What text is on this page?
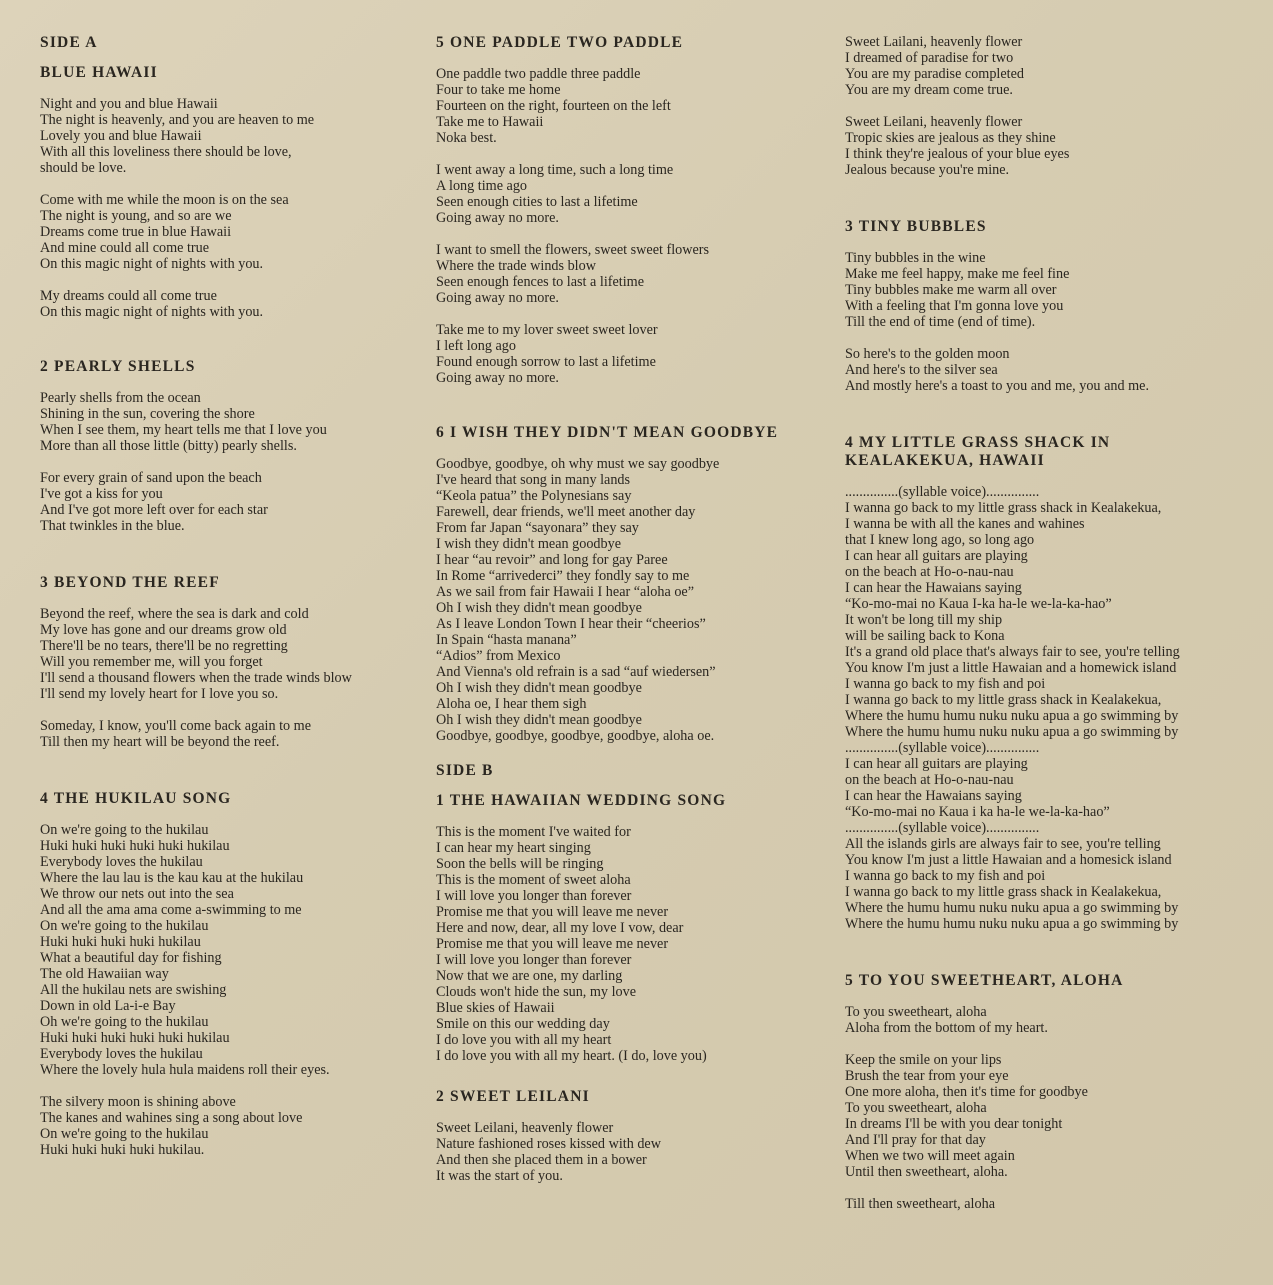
SIDE A
BLUE HAWAII
Night and you and blue Hawaii
The night is heavenly, and you are heaven to me
Lovely you and blue Hawaii
With all this loveliness there should be love,
should be love.
Come with me while the moon is on the sea
The night is young, and so are we
Dreams come true in blue Hawaii
And mine could all come true
On this magic night of nights with you.
My dreams could all come true
On this magic night of nights with you.
2 PEARLY SHELLS
Pearly shells from the ocean
Shining in the sun, covering the shore
When I see them, my heart tells me that I love you
More than all those little (bitty) pearly shells.
For every grain of sand upon the beach
I've got a kiss for you
And I've got more left over for each star
That twinkles in the blue.
3 BEYOND THE REEF
Beyond the reef, where the sea is dark and cold
My love has gone and our dreams grow old
There'll be no tears, there'll be no regretting
Will you remember me, will you forget
I'll send a thousand flowers when the trade winds blow
I'll send my lovely heart for I love you so.
Someday, I know, you'll come back again to me
Till then my heart will be beyond the reef.
4 THE HUKILAU SONG
On we're going to the hukilau
Huki huki huki huki huki hukilau
Everybody loves the hukilau
Where the lau lau is the kau kau at the hukilau
We throw our nets out into the sea
And all the ama ama come a-swimming to me
On we're going to the hukilau
Huki huki huki huki hukilau
What a beautiful day for fishing
The old Hawaiian way
All the hukilau nets are swishing
Down in old La-i-e Bay
Oh we're going to the hukilau
Huki huki huki huki huki hukilau
Everybody loves the hukilau
Where the lovely hula hula maidens roll their eyes.
The silvery moon is shining above
The kanes and wahines sing a song about love
On we're going to the hukilau
Huki huki huki huki hukilau.
5 ONE PADDLE TWO PADDLE
One paddle two paddle three paddle
Four to take me home
Fourteen on the right, fourteen on the left
Take me to Hawaii
Noka best.
I went away a long time, such a long time
A long time ago
Seen enough cities to last a lifetime
Going away no more.
I want to smell the flowers, sweet sweet flowers
Where the trade winds blow
Seen enough fences to last a lifetime
Going away no more.
Take me to my lover sweet sweet lover
I left long ago
Found enough sorrow to last a lifetime
Going away no more.
6 I WISH THEY DIDN'T MEAN GOODBYE
Goodbye, goodbye, oh why must we say goodbye
I've heard that song in many lands
“Keola patua” the Polynesians say
Farewell, dear friends, we'll meet another day
From far Japan “sayonara” they say
I wish they didn't mean goodbye
I hear “au revoir” and long for gay Paree
In Rome “arrivederci” they fondly say to me
As we sail from fair Hawaii I hear “aloha oe”
Oh I wish they didn't mean goodbye
As I leave London Town I hear their “cheerios”
In Spain “hasta manana”
“Adios” from Mexico
And Vienna's old refrain is a sad “auf wiedersen”
Oh I wish they didn't mean goodbye
Aloha oe, I hear them sigh
Oh I wish they didn't mean goodbye
Goodbye, goodbye, goodbye, goodbye, aloha oe.
SIDE B
1 THE HAWAIIAN WEDDING SONG
This is the moment I've waited for
I can hear my heart singing
Soon the bells will be ringing
This is the moment of sweet aloha
I will love you longer than forever
Promise me that you will leave me never
Here and now, dear, all my love I vow, dear
Promise me that you will leave me never
I will love you longer than forever
Now that we are one, my darling
Clouds won't hide the sun, my love
Blue skies of Hawaii
Smile on this our wedding day
I do love you with all my heart
I do love you with all my heart. (I do, love you)
2 SWEET LEILANI
Sweet Leilani, heavenly flower
Nature fashioned roses kissed with dew
And then she placed them in a bower
It was the start of you.
Sweet Lailani, heavenly flower
I dreamed of paradise for two
You are my paradise completed
You are my dream come true.
Sweet Leilani, heavenly flower
Tropic skies are jealous as they shine
I think they're jealous of your blue eyes
Jealous because you're mine.
3 TINY BUBBLES
Tiny bubbles in the wine
Make me feel happy, make me feel fine
Tiny bubbles make me warm all over
With a feeling that I'm gonna love you
Till the end of time (end of time).
So here's to the golden moon
And here's to the silver sea
And mostly here's a toast to you and me, you and me.
4 MY LITTLE GRASS SHACK IN
KEALAKEKUA, HAWAII
...............(syllable voice)...............
I wanna go back to my little grass shack in Kealakekua,
I wanna be with all the kanes and wahines
that I knew long ago, so long ago
I can hear all guitars are playing
on the beach at Ho-o-nau-nau
I can hear the Hawaians saying
“Ko-mo-mai no Kaua I-ka ha-le we-la-ka-hao”
It won't be long till my ship
will be sailing back to Kona
It's a grand old place that's always fair to see, you're telling
You know I'm just a little Hawaian and a homewick island
I wanna go back to my fish and poi
I wanna go back to my little grass shack in Kealakekua,
Where the humu humu nuku nuku apua a go swimming by
Where the humu humu nuku nuku apua a go swimming by
...............(syllable voice)...............
I can hear all guitars are playing
on the beach at Ho-o-nau-nau
I can hear the Hawaians saying
“Ko-mo-mai no Kaua i ka ha-le we-la-ka-hao”
...............(syllable voice)...............
All the islands girls are always fair to see, you're telling
You know I'm just a little Hawaian and a homesick island
I wanna go back to my fish and poi
I wanna go back to my little grass shack in Kealakekua,
Where the humu humu nuku nuku apua a go swimming by
Where the humu humu nuku nuku apua a go swimming by
5 TO YOU SWEETHEART, ALOHA
To you sweetheart, aloha
Aloha from the bottom of my heart.
Keep the smile on your lips
Brush the tear from your eye
One more aloha, then it's time for goodbye
To you sweetheart, aloha
In dreams I'll be with you dear tonight
And I'll pray for that day
When we two will meet again
Until then sweetheart, aloha.
Till then sweetheart, aloha
